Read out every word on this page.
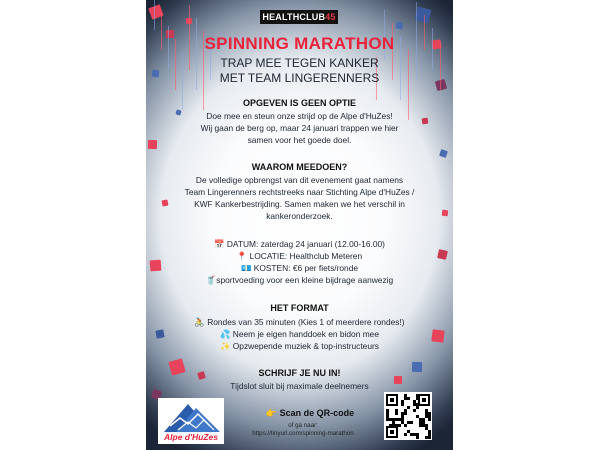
HEALTHCLUB45
SPINNING MARATHON
TRAP MEE TEGEN KANKER
MET TEAM LINGERENNERS
OPGEVEN IS GEEN OPTIE
Doe mee en steun onze strijd op de Alpe d'HuZes!
Wij gaan de berg op, maar 24 januari trappen we hier
samen voor het goede doel.
WAAROM MEEDOEN?
De volledige opbrengst van dit evenement gaat namens
Team Lingerenners rechtstreeks naar Stichting Alpe d'HuZes /
KWF Kankerbestrijding. Samen maken we het verschil in
kankeronderzoek.
📅 DATUM: zaterdag 24 januari (12.00-16.00)
📍 LOCATIE: Healthclub Meteren
💶 KOSTEN: €6 per fiets/ronde
🥤sportvoeding voor een kleine bijdrage aanwezig
HET FORMAT
🚴 Rondes van 35 minuten (Kies 1 of meerdere rondes!)
💦 Neem je eigen handdoek en bidon mee
✨ Opzwepende muziek & top-instructeurs
SCHRIJF JE NU IN!
Tijdslot sluit bij maximale deelnemers
Alpe d'HuZes
👉 Scan de QR-code
of ga naar:
https://tinyurl.com/spinning-marathon
